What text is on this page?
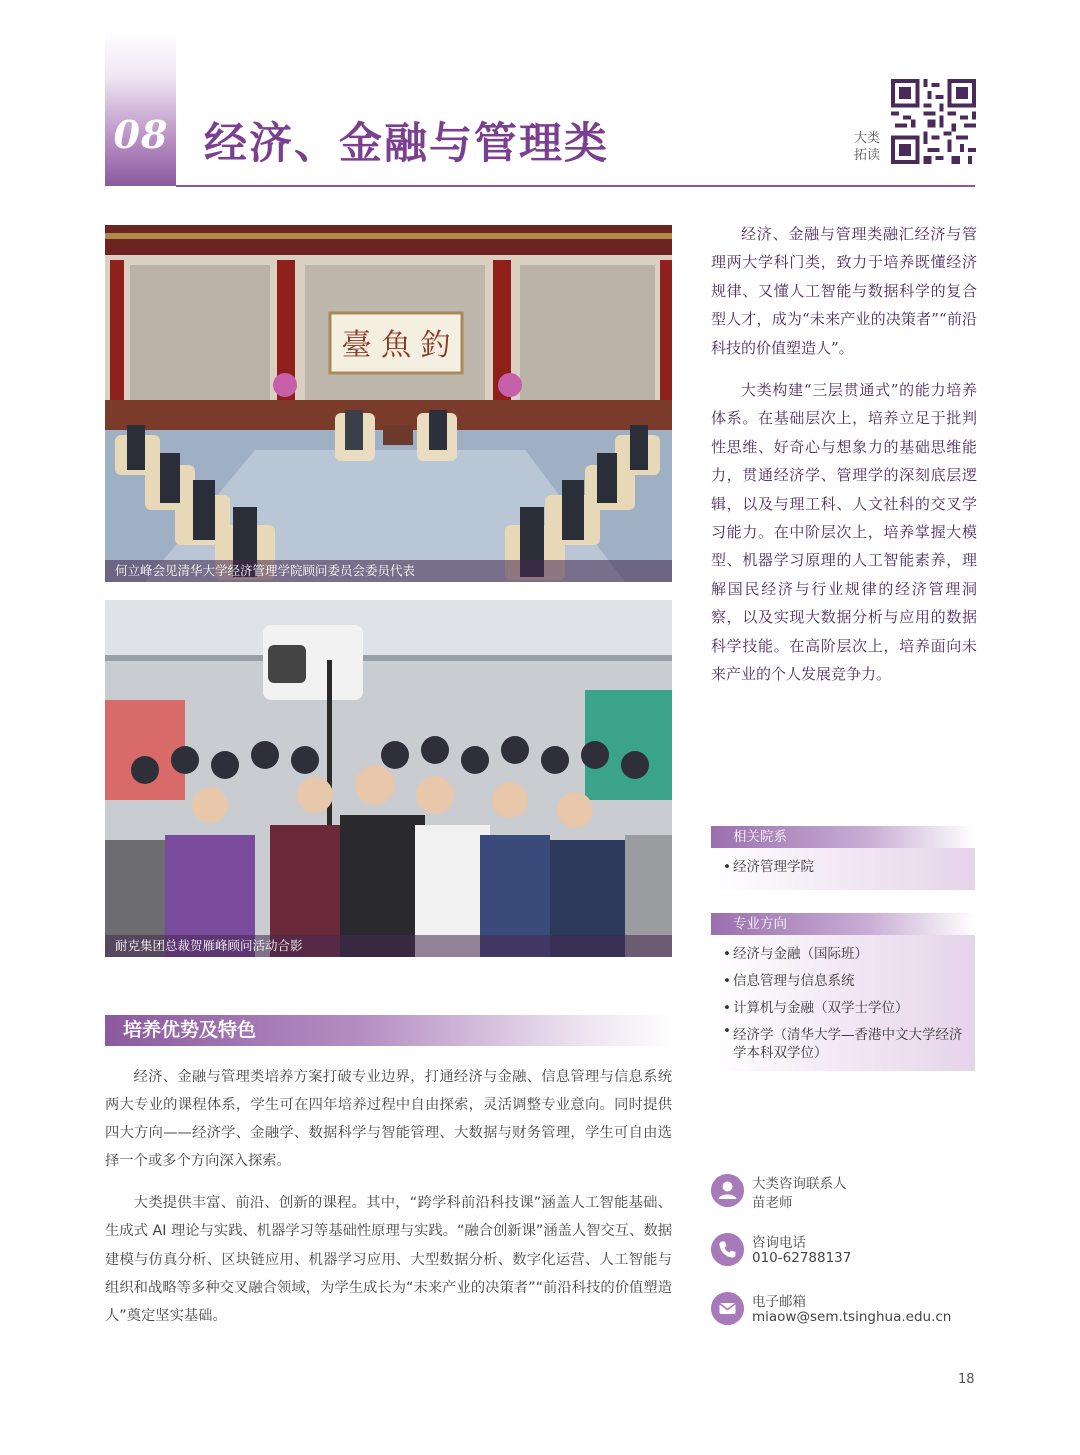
08 经济、金融与管理类	大类
拓读
臺 魚 釣
何立峰会见清华大学经济管理学院顾问委员会委员代表
耐克集团总裁贺雁峰顾问活动合影

经济、金融与管理类融汇经济与管理两大学科门类，致力于培养既懂经济规律、又懂人工智能与数据科学的复合型人才，成为“未来产业的决策者”“前沿科技的价值塑造人”。

大类构建“三层贯通式”的能力培养体系。在基础层次上，培养立足于批判性思维、好奇心与想象力的基础思维能力，贯通经济学、管理学的深刻底层逻辑，以及与理工科、人文社科的交叉学习能力。在中阶层次上，培养掌握大模型、机器学习原理的人工智能素养，理解国民经济与行业规律的经济管理洞察，以及实现大数据分析与应用的数据科学技能。在高阶层次上，培养面向未来产业的个人发展竞争力。

相关院系
• 经济管理学院
专业方向
• 经济与金融（国际班）
• 信息管理与信息系统
• 计算机与金融（双学士学位）
• 经济学（清华大学—香港中文大学经济学本科双学位）
培养优势及特色

经济、金融与管理类培养方案打破专业边界，打通经济与金融、信息管理与信息系统两大专业的课程体系，学生可在四年培养过程中自由探索，灵活调整专业意向。同时提供四大方向——经济学、金融学、数据科学与智能管理、大数据与财务管理，学生可自由选择一个或多个方向深入探索。

大类提供丰富、前沿、创新的课程。其中，“跨学科前沿科技课”涵盖人工智能基础、生成式 AI 理论与实践、机器学习等基础性原理与实践。“融合创新课”涵盖人智交互、数据建模与仿真分析、区块链应用、机器学习应用、大型数据分析、数字化运营、人工智能与组织和战略等多种交叉融合领域，为学生成长为“未来产业的决策者”“前沿科技的价值塑造人”奠定坚实基础。

大类咨询联系人
苗老师
咨询电话
010-62788137
电子邮箱
miaow@sem.tsinghua.edu.cn
18
